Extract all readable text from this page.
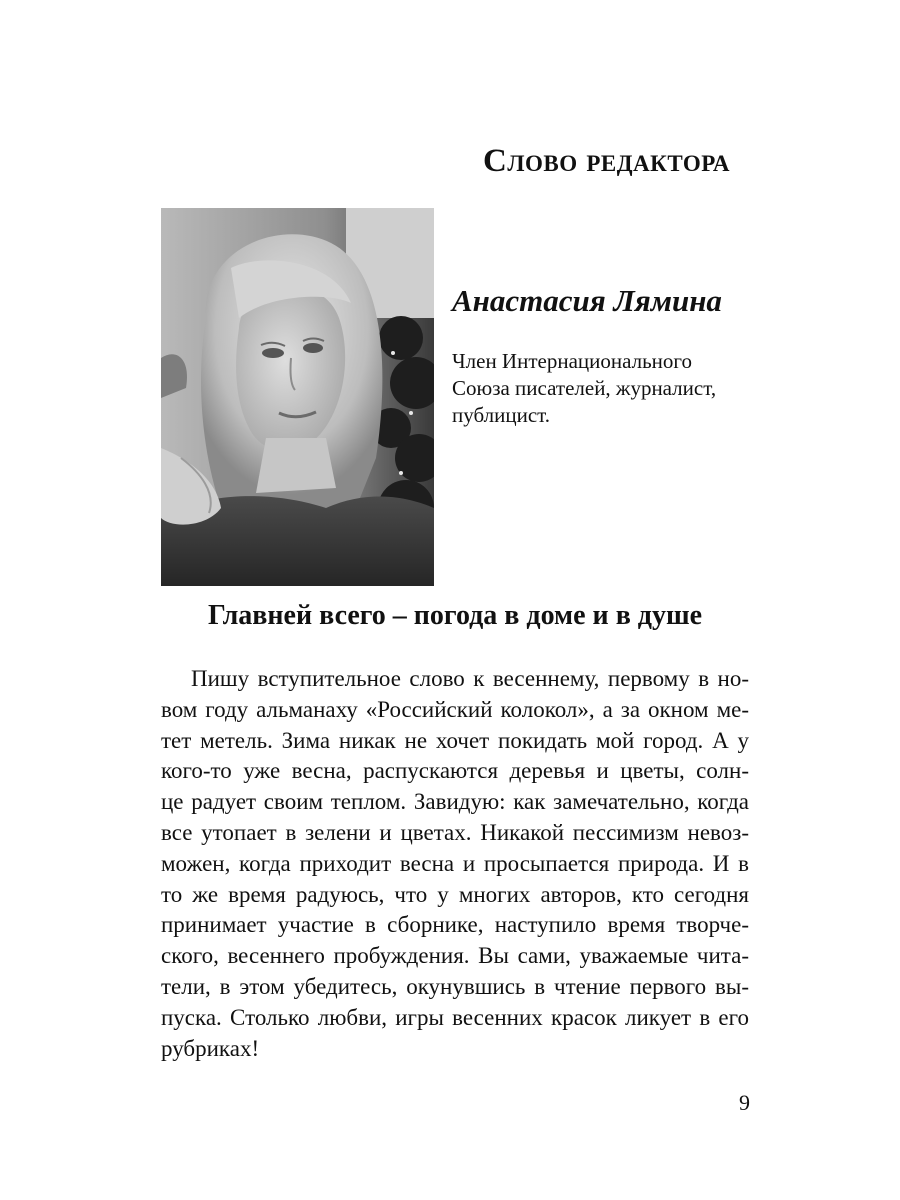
Слово редактора
Анастасия Лямина
Член Интернационального
Союза писателей, журналист,
публицист.
Главней всего – погода в доме и в душе
Пишу вступительное слово к весеннему, первому в но-
вом году альманаху «Российский колокол», а за окном ме-
тет метель. Зима никак не хочет покидать мой город. А у
кого-то уже весна, распускаются деревья и цветы, солн-
це радует своим теплом. Завидую: как замечательно, когда
все утопает в зелени и цветах. Никакой пессимизм невоз-
можен, когда приходит весна и просыпается природа. И в
то же время радуюсь, что у многих авторов, кто сегодня
принимает участие в сборнике, наступило время творче-
ского, весеннего пробуждения. Вы сами, уважаемые чита-
тели, в этом убедитесь, окунувшись в чтение первого вы-
пуска. Столько любви, игры весенних красок ликует в его
рубриках!
9
